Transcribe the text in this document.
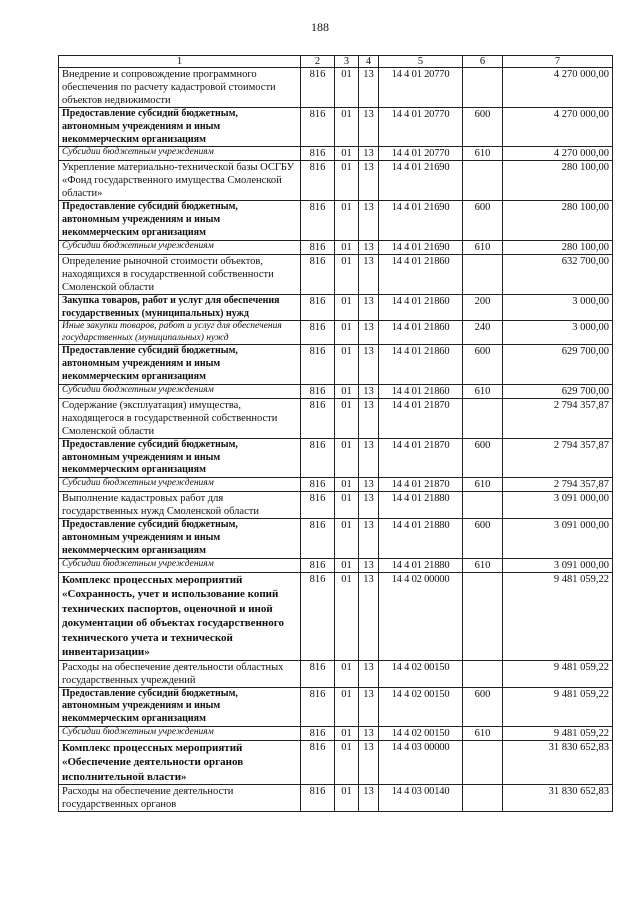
188
1	2	3	4	5	6	7
Внедрение и сопровождение программного обеспечения по расчету кадастровой стоимости объектов недвижимости	816	01	13	14 4 01 20770		4 270 000,00
Предоставление субсидий бюджетным, автономным учреждениям и иным некоммерческим организациям	816	01	13	14 4 01 20770	600	4 270 000,00
Субсидии бюджетным учреждениям	816	01	13	14 4 01 20770	610	4 270 000,00
Укрепление материально-технической базы ОСГБУ «Фонд государственного имущества Смоленской области»	816	01	13	14 4 01 21690		280 100,00
Предоставление субсидий бюджетным, автономным учреждениям и иным некоммерческим организациям	816	01	13	14 4 01 21690	600	280 100,00
Субсидии бюджетным учреждениям	816	01	13	14 4 01 21690	610	280 100,00
Определение рыночной стоимости объектов, находящихся в государственной собственности Смоленской области	816	01	13	14 4 01 21860		632 700,00
Закупка товаров, работ и услуг для обеспечения государственных (муниципальных) нужд	816	01	13	14 4 01 21860	200	3 000,00
Иные закупки товаров, работ и услуг для обеспечения государственных (муниципальных) нужд	816	01	13	14 4 01 21860	240	3 000,00
Предоставление субсидий бюджетным, автономным учреждениям и иным некоммерческим организациям	816	01	13	14 4 01 21860	600	629 700,00
Субсидии бюджетным учреждениям	816	01	13	14 4 01 21860	610	629 700,00
Содержание (эксплуатация) имущества, находящегося в государственной собственности Смоленской области	816	01	13	14 4 01 21870		2 794 357,87
Предоставление субсидий бюджетным, автономным учреждениям и иным некоммерческим организациям	816	01	13	14 4 01 21870	600	2 794 357,87
Субсидии бюджетным учреждениям	816	01	13	14 4 01 21870	610	2 794 357,87
Выполнение кадастровых работ для государственных нужд Смоленской области	816	01	13	14 4 01 21880		3 091 000,00
Предоставление субсидий бюджетным, автономным учреждениям и иным некоммерческим организациям	816	01	13	14 4 01 21880	600	3 091 000,00
Субсидии бюджетным учреждениям	816	01	13	14 4 01 21880	610	3 091 000,00
Комплекс процессных мероприятий «Сохранность, учет и использование копий технических паспортов, оценочной и иной документации об объектах государственного технического учета и технической инвентаризации»	816	01	13	14 4 02 00000		9 481 059,22
Расходы на обеспечение деятельности областных государственных учреждений	816	01	13	14 4 02 00150		9 481 059,22
Предоставление субсидий бюджетным, автономным учреждениям и иным некоммерческим организациям	816	01	13	14 4 02 00150	600	9 481 059,22
Субсидии бюджетным учреждениям	816	01	13	14 4 02 00150	610	9 481 059,22
Комплекс процессных мероприятий «Обеспечение деятельности органов исполнительной власти»	816	01	13	14 4 03 00000		31 830 652,83
Расходы на обеспечение деятельности государственных органов	816	01	13	14 4 03 00140		31 830 652,83
